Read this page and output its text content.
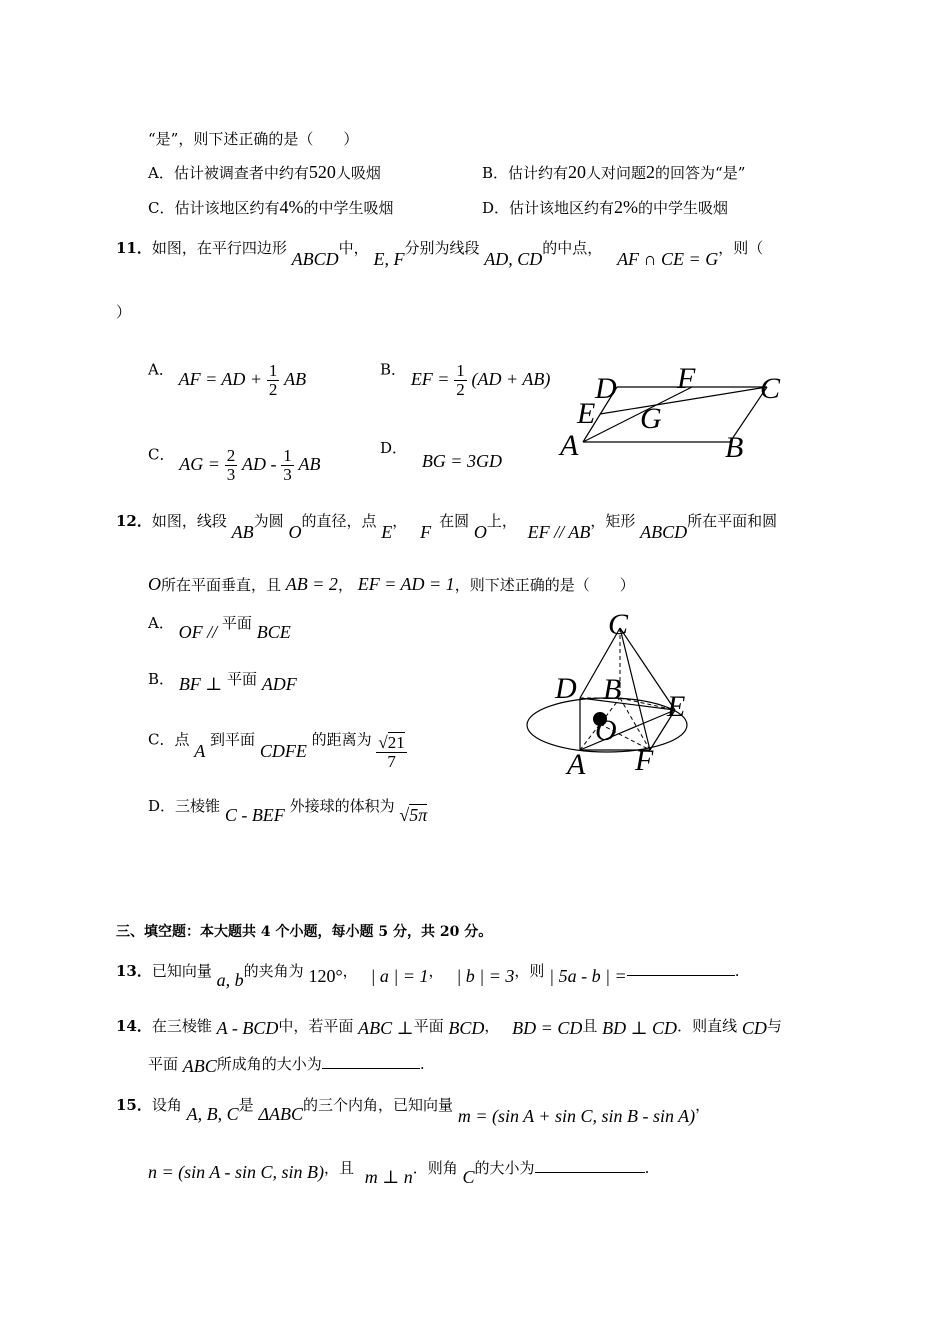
“是”，则下述正确的是（　　）
A．估计被调查者中约有520人吸烟	B．估计约有20人对问题2的回答为“是”
C．估计该地区约有4%的中学生吸烟	D．估计该地区约有2%的中学生吸烟
11．如图，在平行四边形 ABCD中， E, F分别为线段 AD, CD的中点， AF ∩ CE = G，则（
）
A． AF = AD + $\frac{1}{2}$ AB	B． EF = $\frac{1}{2} (AD + AB)$
C． AG = $\frac{2}{3}$ AD - $\frac{1}{3}$ AB
D． BG = 3GD
D F C
E G
A	B
12．如图，线段 AB为圆 O的直径，点 E， F在圆 O上， EF // AB，矩形 ABCD所在平面和圆
O所在平面垂直，且 AB = 2， EF = AD = 1，则下述正确的是（　　）
A． OF // 平面 BCE
B． BF ⊥ 平面 ADF
C．点 A 到平面 CDFE 的距离为 $\frac{√21}{7}$
D．三棱锥 C - BEF 外接球的体积为 √5π
C
D B
E
O
A F
三、填空题：本大题共 4 个小题，每小题 5 分，共 20 分。
13．已知向量 a, b的夹角为 120°， | a | = 1， | b | = 3，则 | 5a - b | =	.
14．在三棱锥 A - BCD中，若平面 ABC ⊥平面 BCD， BD = CD且 BD ⊥ CD．则直线 CD与
平面 ABC所成角的大小为	.
15．设角 A, B, C是 ΔABC的三个内角，已知向量 m = (sin A + sin C, sin B - sin A)，
n = (sin A - sin C, sin B)，且 m ⊥ n．则角 C的大小为	.
